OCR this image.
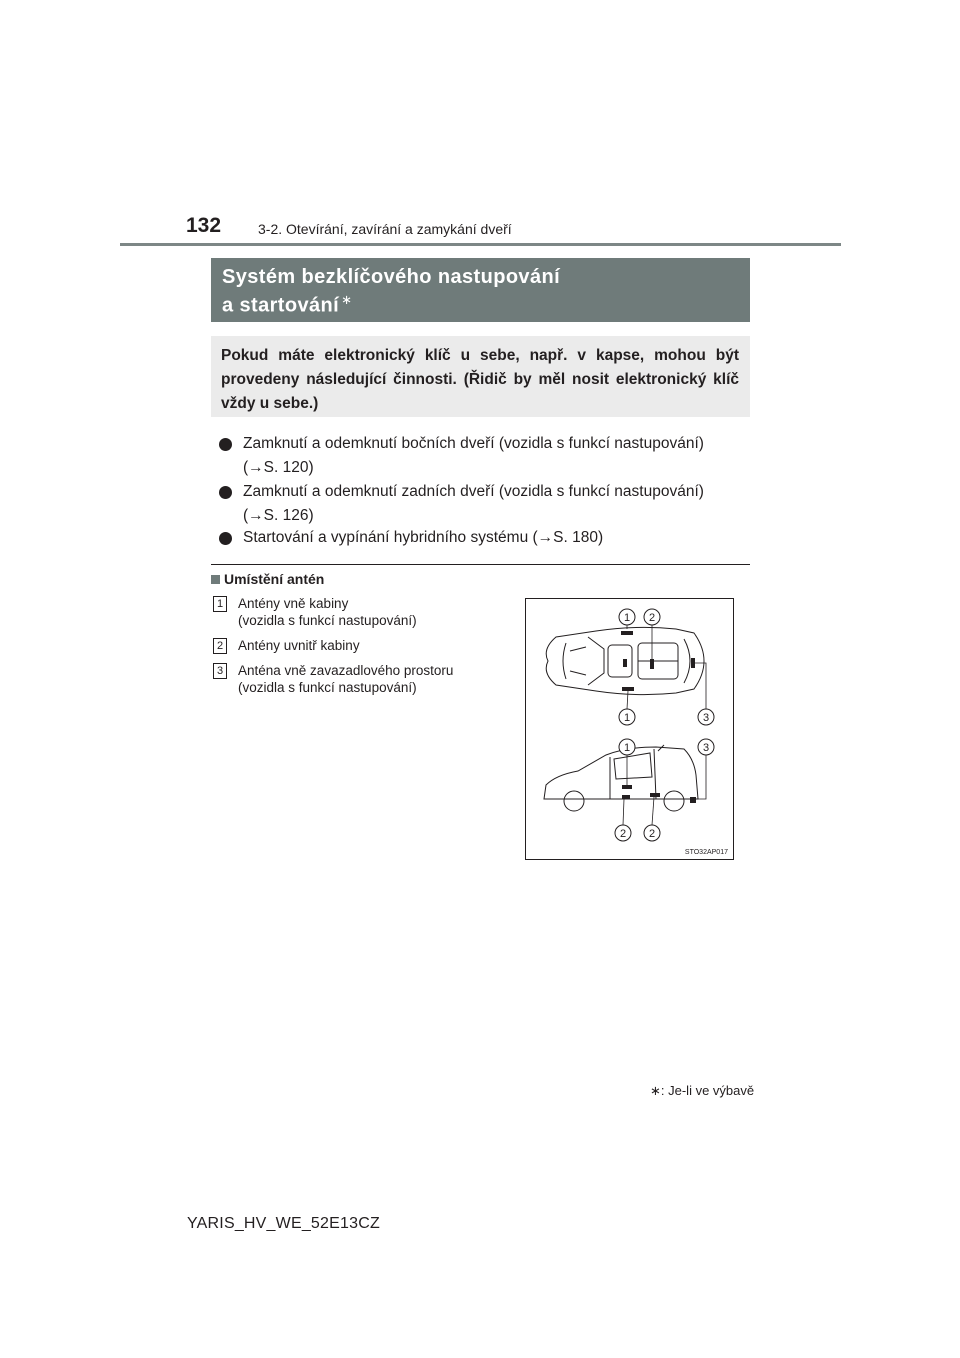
132	3-2. Otevírání, zavírání a zamykání dveří
Systém bezklíčového nastupování
a startování ∗
Pokud máte elektronický klíč u sebe, např. v kapse, mohou být provedeny následující činnosti. (Řidič by měl nosit elektronický klíč vždy u sebe.)
Zamknutí a odemknutí bočních dveří (vozidla s funkcí nastupování)
(→S. 120)
Zamknutí a odemknutí zadních dveří (vozidla s funkcí nastupování)
(→S. 126)
Startování a vypínání hybridního systému (→S. 180)
Umístění antén
1 Antény vně kabiny
(vozidla s funkcí nastupování)
2 Antény uvnitř kabiny
3 Anténa vně zavazadlového prostoru
(vozidla s funkcí nastupování)
1 2
1	3
1	3
2 2
STO32AP017
∗: Je-li ve výbavě
YARIS_HV_WE_52E13CZ
